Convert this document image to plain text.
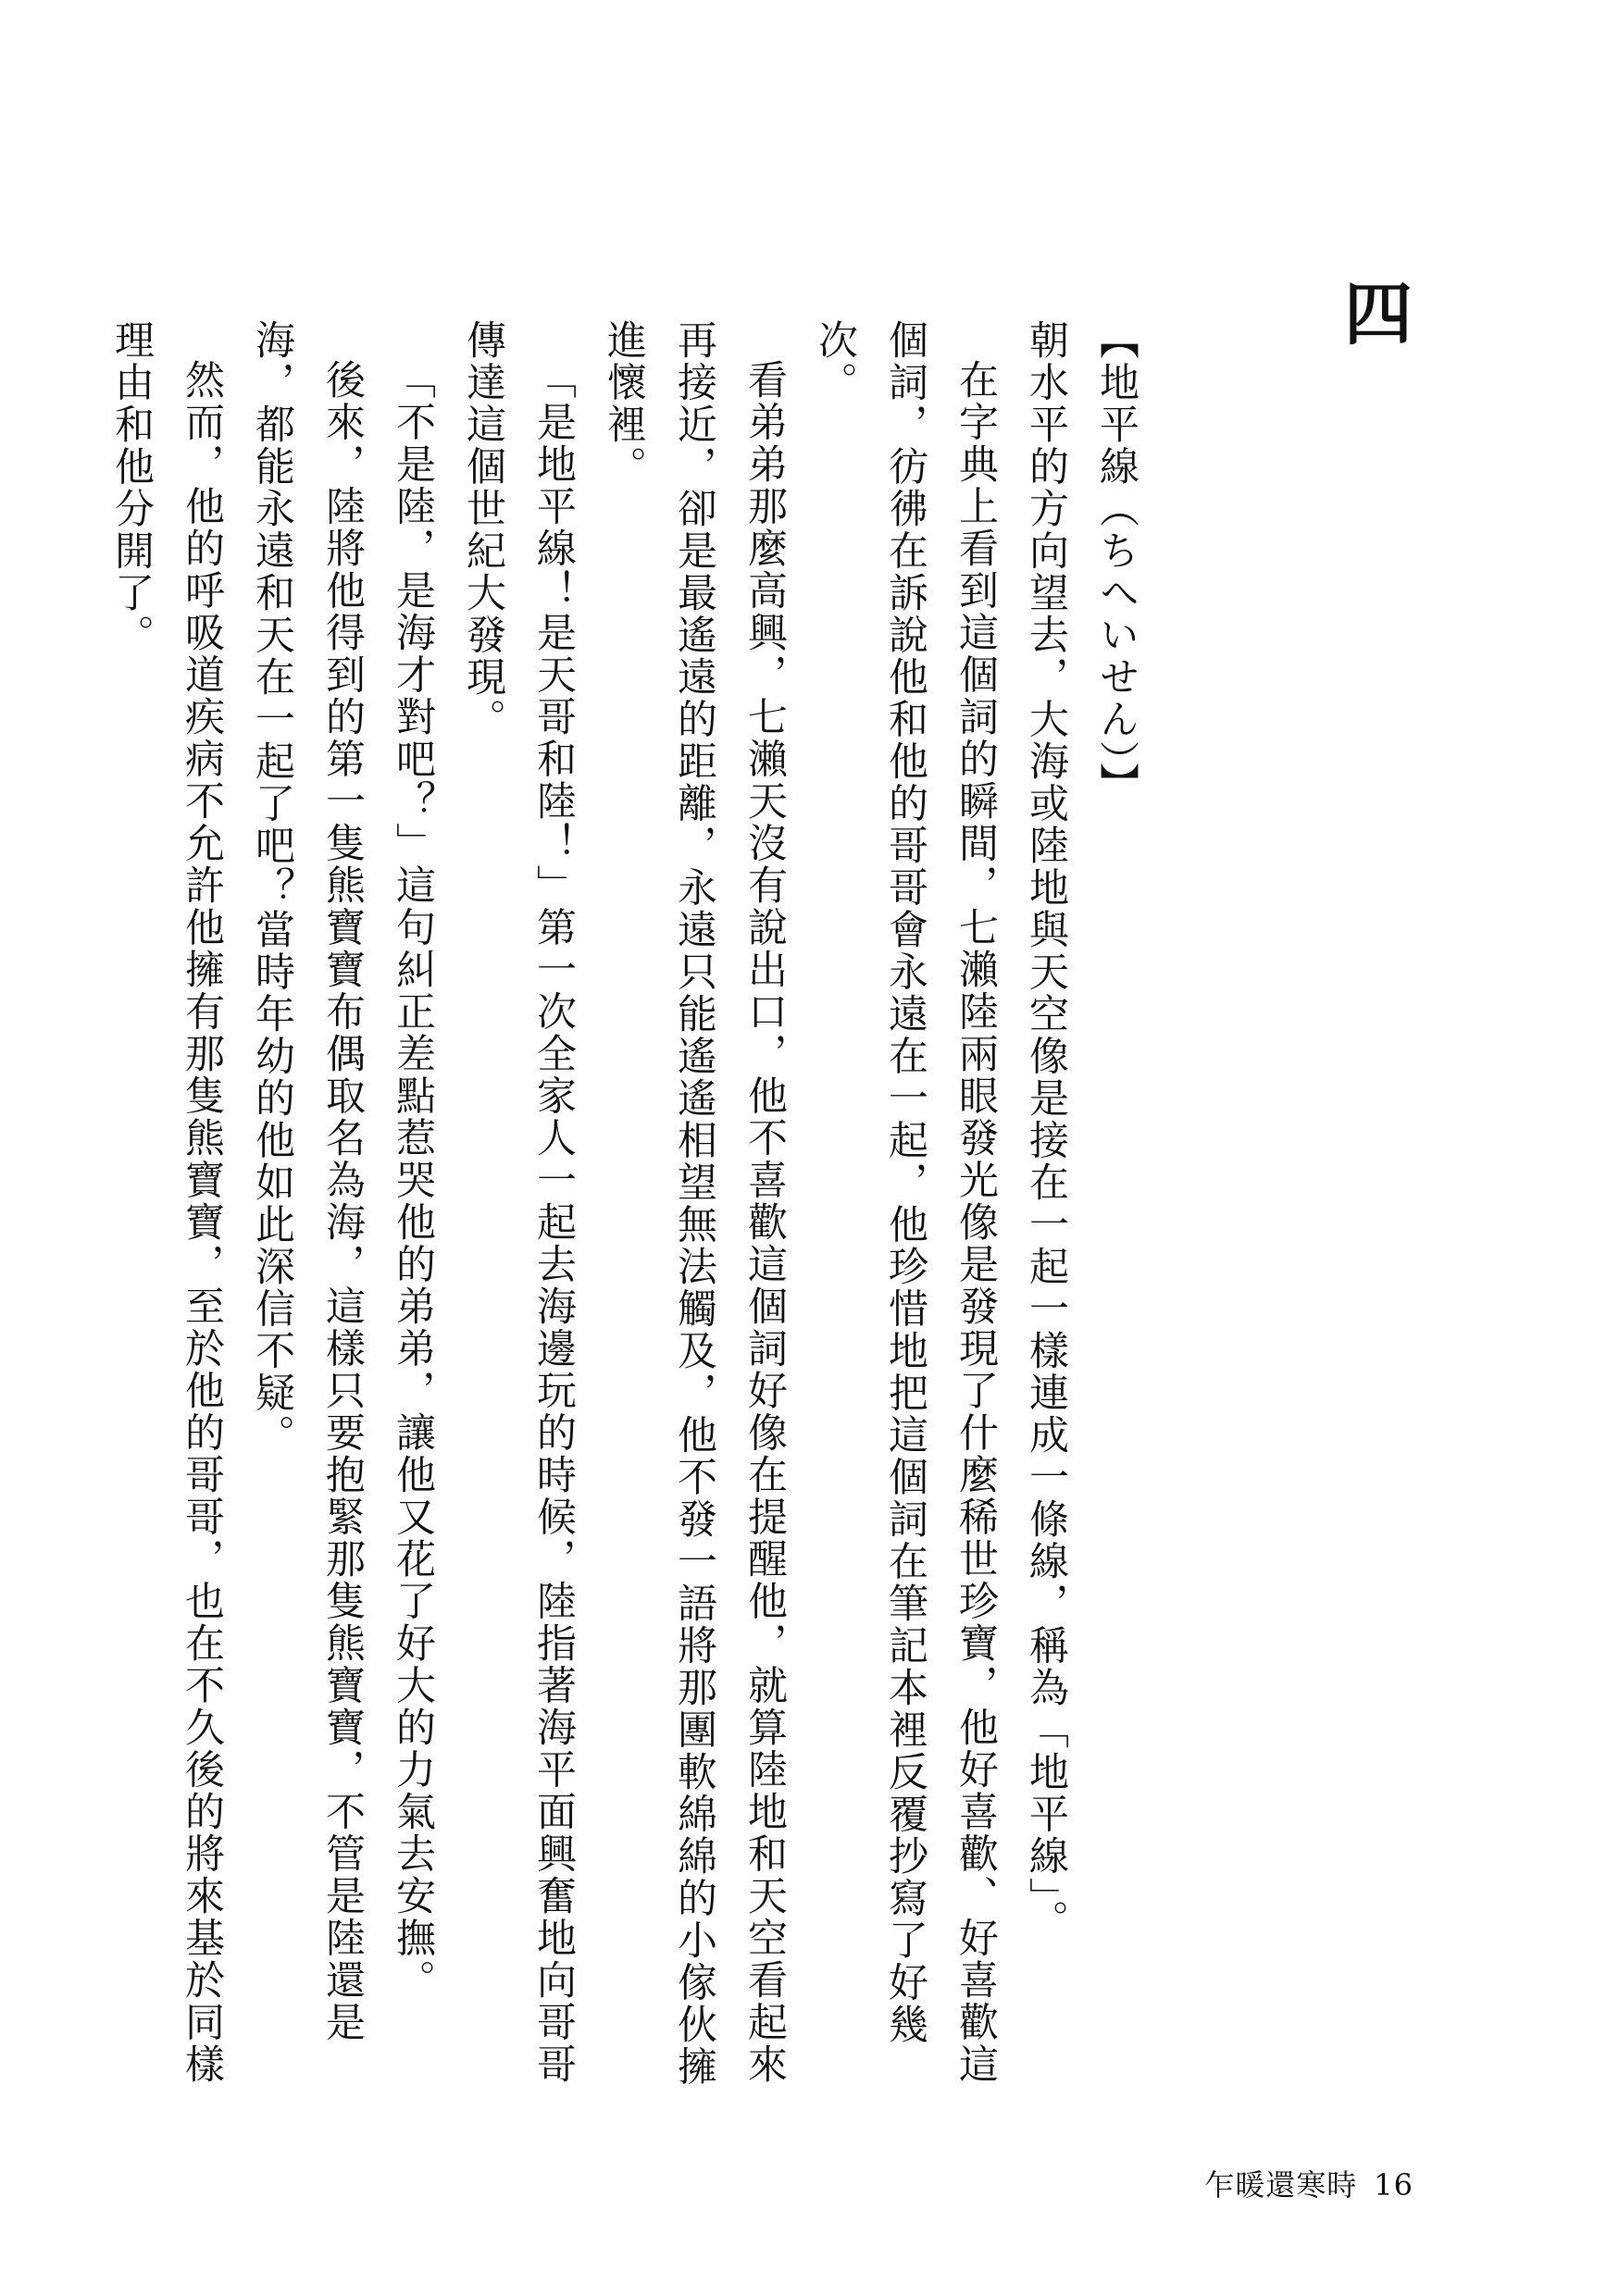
四

【地平線（ちへいせん）】

朝水平的方向望去，大海或陸地與天空像是接在一起一樣連成一條線，稱為「地平線」。

在字典上看到這個詞的瞬間，七瀨陸兩眼發光像是發現了什麼稀世珍寶，他好喜歡、好喜歡這個詞，彷彿在訴說他和他的哥哥會永遠在一起，他珍惜地把這個詞在筆記本裡反覆抄寫了好幾次。

看弟弟那麼高興，七瀨天沒有說出口，他不喜歡這個詞好像在提醒他，就算陸地和天空看起來再接近，卻是最遙遠的距離，永遠只能遙遙相望無法觸及，他不發一語將那團軟綿綿的小傢伙擁進懷裡。

「是地平線！是天哥和陸！」第一次全家人一起去海邊玩的時候，陸指著海平面興奮地向哥哥傳達這個世紀大發現。

「不是陸，是海才對吧？」這句糾正差點惹哭他的弟弟，讓他又花了好大的力氣去安撫。

後來，陸將他得到的第一隻熊寶寶布偶取名為海，這樣只要抱緊那隻熊寶寶，不管是陸還是海，都能永遠和天在一起了吧？當時年幼的他如此深信不疑。

然而，他的呼吸道疾病不允許他擁有那隻熊寶寶，至於他的哥哥，也在不久後的將來基於同樣理由和他分開了。

乍暖還寒時 16
